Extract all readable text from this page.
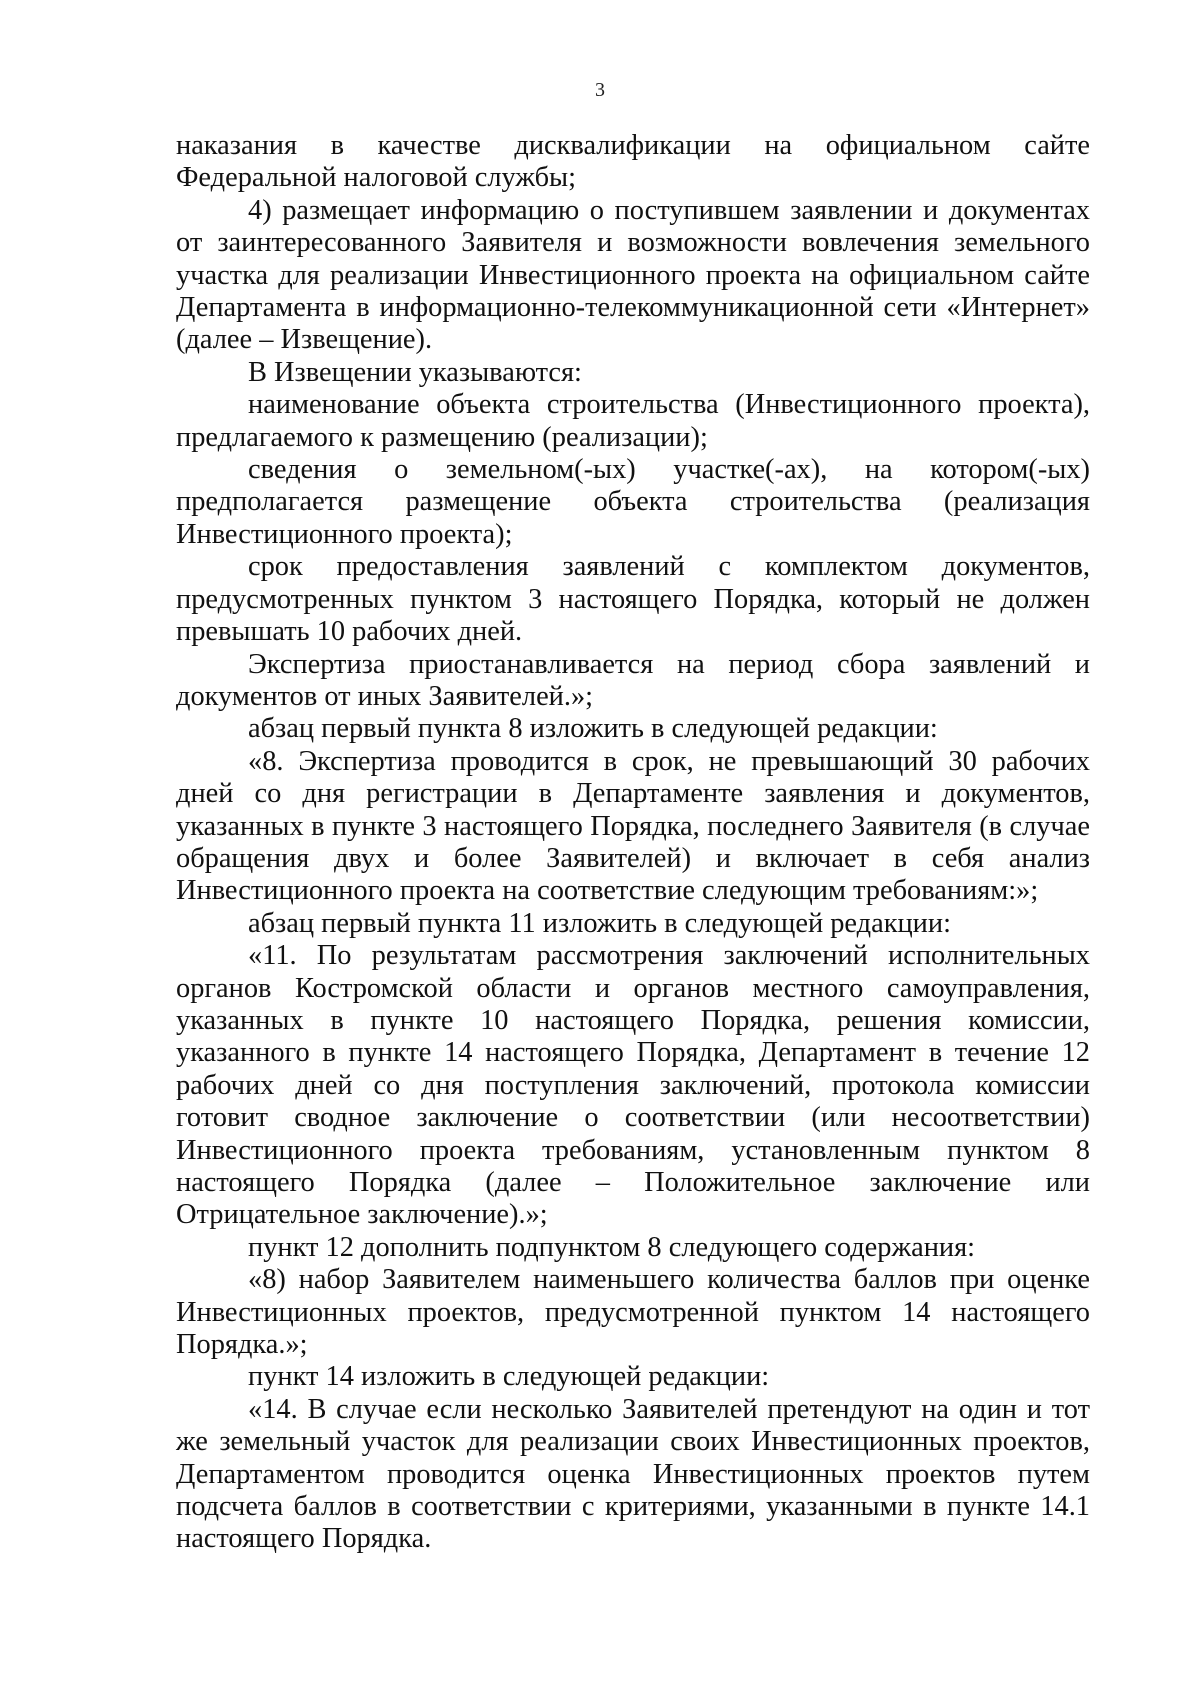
3

наказания в качестве дисквалификации на официальном сайте Федеральной налоговой службы;

4) размещает информацию о поступившем заявлении и документах от заинтересованного Заявителя и возможности вовлечения земельного участка для реализации Инвестиционного проекта на официальном сайте Департамента в информационно-телекоммуникационной сети «Интернет» (далее – Извещение).

В Извещении указываются:

наименование объекта строительства (Инвестиционного проекта), предлагаемого к размещению (реализации);

сведения о земельном(-ых) участке(-ах), на котором(-ых) предполагается размещение объекта строительства (реализация Инвестиционного проекта);

срок предоставления заявлений с комплектом документов, предусмотренных пунктом 3 настоящего Порядка, который не должен превышать 10 рабочих дней.

Экспертиза приостанавливается на период сбора заявлений и документов от иных Заявителей.»;

абзац первый пункта 8 изложить в следующей редакции:

«8. Экспертиза проводится в срок, не превышающий 30 рабочих дней со дня регистрации в Департаменте заявления и документов, указанных в пункте 3 настоящего Порядка, последнего Заявителя (в случае обращения двух и более Заявителей) и включает в себя анализ Инвестиционного проекта на соответствие следующим требованиям:»;

абзац первый пункта 11 изложить в следующей редакции:

«11. По результатам рассмотрения заключений исполнительных органов Костромской области и органов местного самоуправления, указанных в пункте 10 настоящего Порядка, решения комиссии, указанного в пункте 14 настоящего Порядка, Департамент в течение 12 рабочих дней со дня поступления заключений, протокола комиссии готовит сводное заключение о соответствии (или несоответствии) Инвестиционного проекта требованиям, установленным пунктом 8 настоящего Порядка (далее – Положительное заключение или Отрицательное заключение).»;

пункт 12 дополнить подпунктом 8 следующего содержания:

«8) набор Заявителем наименьшего количества баллов при оценке Инвестиционных проектов, предусмотренной пунктом 14 настоящего Порядка.»;

пункт 14 изложить в следующей редакции:

«14. В случае если несколько Заявителей претендуют на один и тот же земельный участок для реализации своих Инвестиционных проектов, Департаментом проводится оценка Инвестиционных проектов путем подсчета баллов в соответствии с критериями, указанными в пункте 14.1 настоящего Порядка.
